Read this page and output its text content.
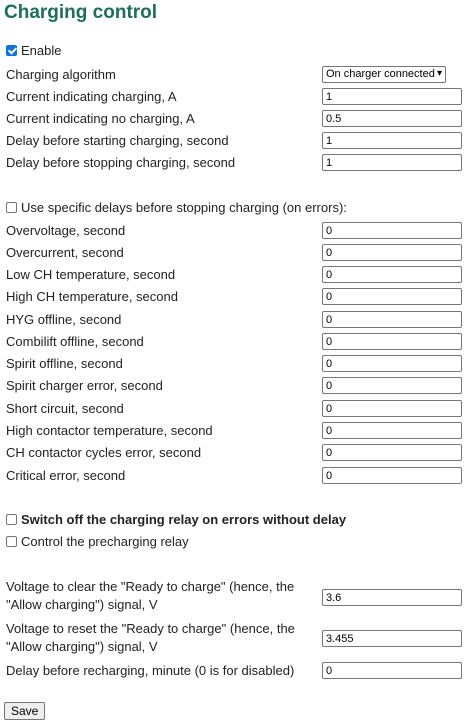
Charging control
Enable
Charging algorithm	On charger connected ▾
Current indicating charging, A
1
Current indicating no charging, A
0.5
Delay before starting charging, second
1
Delay before stopping charging, second
1
Use specific delays before stopping charging (on errors):
Overvoltage, second
0
Overcurrent, second
0
Low CH temperature, second
0
High CH temperature, second
0
HYG offline, second
0
Combilift offline, second
0
Spirit offline, second
0
Spirit charger error, second
0
Short circuit, second
0
High contactor temperature, second
0
CH contactor cycles error, second
0
Critical error, second
0
Switch off the charging relay on errors without delay
Control the precharging relay
Voltage to clear the "Ready to charge" (hence, the "Allow charging") signal, V
3.6
Voltage to reset the "Ready to charge" (hence, the "Allow charging") signal, V
3.455
Delay before recharging, minute (0 is for disabled)
0
Save
